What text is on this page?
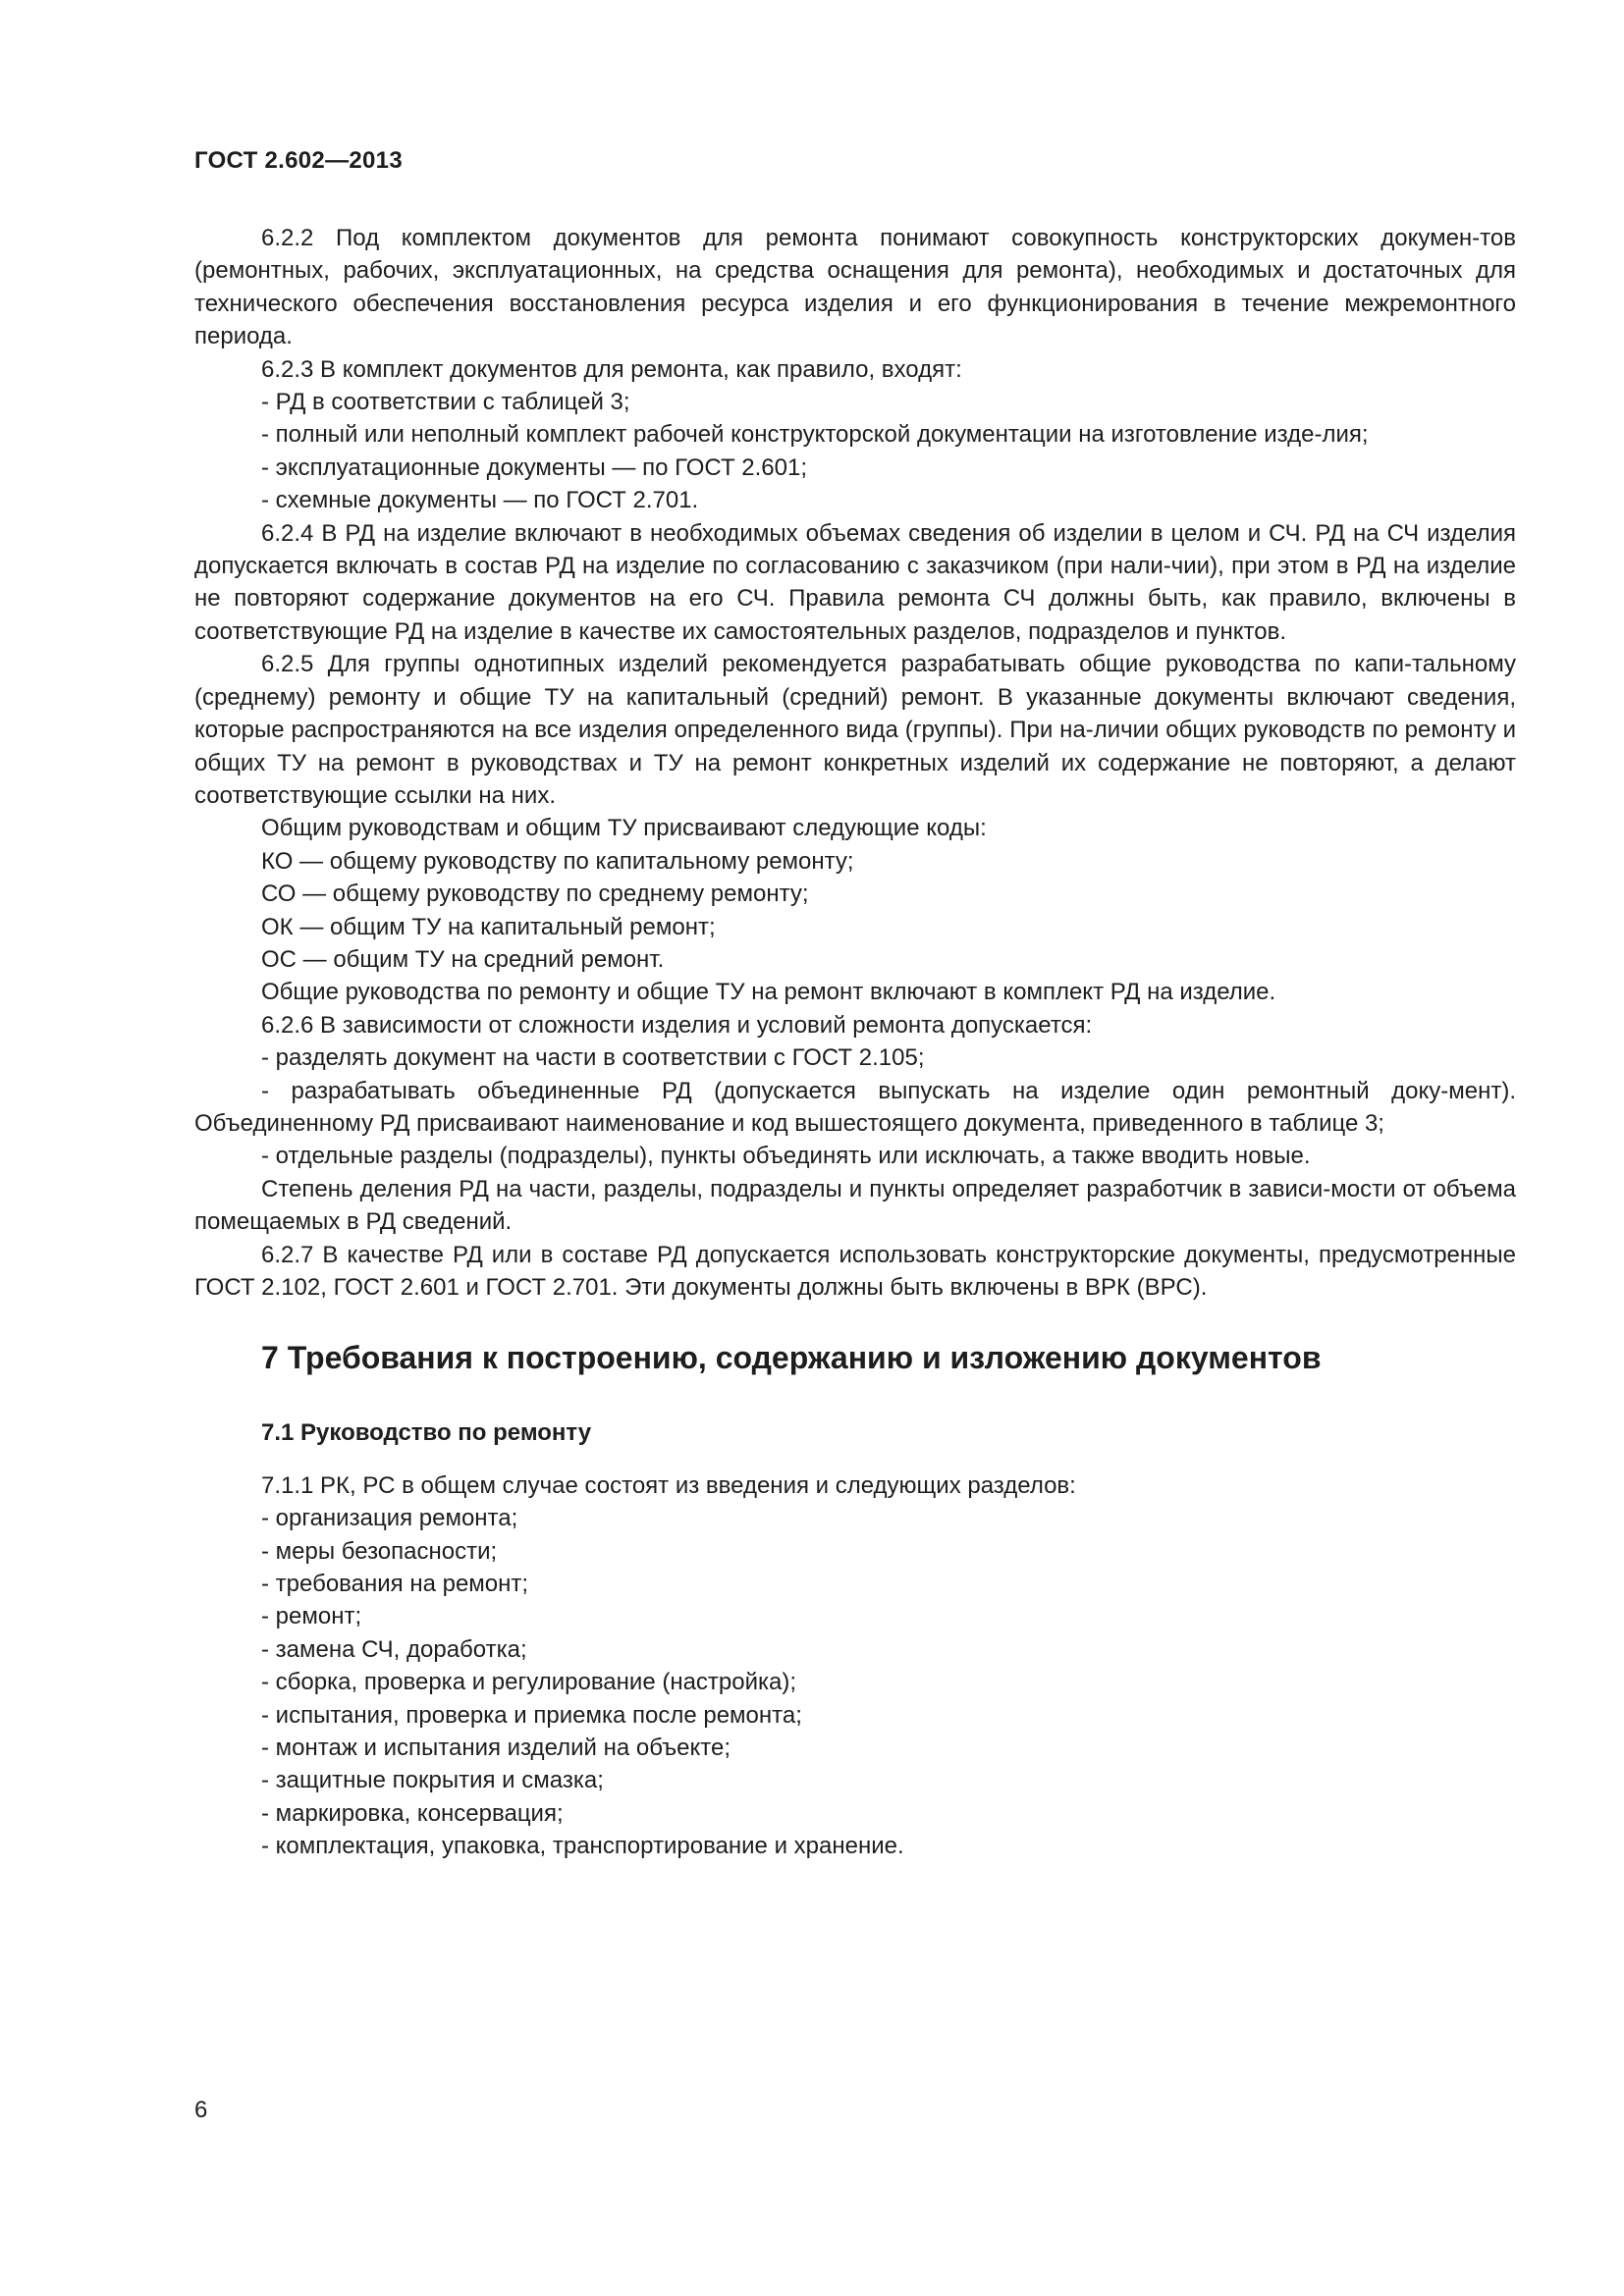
ГОСТ 2.602—2013

6.2.2 Под комплектом документов для ремонта понимают совокупность конструкторских докумен-тов (ремонтных, рабочих, эксплуатационных, на средства оснащения для ремонта), необходимых и достаточных для технического обеспечения восстановления ресурса изделия и его функционирования в течение межремонтного периода.

6.2.3 В комплект документов для ремонта, как правило, входят:

- РД в соответствии с таблицей 3;

- полный или неполный комплект рабочей конструкторской документации на изготовление изде-лия;

- эксплуатационные документы — по ГОСТ 2.601;

- схемные документы — по ГОСТ 2.701.

6.2.4 В РД на изделие включают в необходимых объемах сведения об изделии в целом и СЧ. РД на СЧ изделия допускается включать в состав РД на изделие по согласованию с заказчиком (при нали-чии), при этом в РД на изделие не повторяют содержание документов на его СЧ. Правила ремонта СЧ должны быть, как правило, включены в соответствующие РД на изделие в качестве их самостоятельных разделов, подразделов и пунктов.

6.2.5 Для группы однотипных изделий рекомендуется разрабатывать общие руководства по капи-тальному (среднему) ремонту и общие ТУ на капитальный (средний) ремонт. В указанные документы включают сведения, которые распространяются на все изделия определенного вида (группы). При на-личии общих руководств по ремонту и общих ТУ на ремонт в руководствах и ТУ на ремонт конкретных изделий их содержание не повторяют, а делают соответствующие ссылки на них.

Общим руководствам и общим ТУ присваивают следующие коды:

КО — общему руководству по капитальному ремонту;

СО — общему руководству по среднему ремонту;

ОК — общим ТУ на капитальный ремонт;

ОС — общим ТУ на средний ремонт.

Общие руководства по ремонту и общие ТУ на ремонт включают в комплект РД на изделие.

6.2.6 В зависимости от сложности изделия и условий ремонта допускается:

- разделять документ на части в соответствии с ГОСТ 2.105;

- разрабатывать объединенные РД (допускается выпускать на изделие один ремонтный доку-мент). Объединенному РД присваивают наименование и код вышестоящего документа, приведенного в таблице 3;

- отдельные разделы (подразделы), пункты объединять или исключать, а также вводить новые.

Степень деления РД на части, разделы, подразделы и пункты определяет разработчик в зависи-мости от объема помещаемых в РД сведений.

6.2.7 В качестве РД или в составе РД допускается использовать конструкторские документы, предусмотренные ГОСТ 2.102, ГОСТ 2.601 и ГОСТ 2.701. Эти документы должны быть включены в ВРК (ВРС).

7 Требования к построению, содержанию и изложению документов
7.1 Руководство по ремонту
7.1.1 РК, РС в общем случае состоят из введения и следующих разделов:
- организация ремонта;
- меры безопасности;
- требования на ремонт;
- ремонт;
- замена СЧ, доработка;
- сборка, проверка и регулирование (настройка);
- испытания, проверка и приемка после ремонта;
- монтаж и испытания изделий на объекте;
- защитные покрытия и смазка;
- маркировка, консервация;
- комплектация, упаковка, транспортирование и хранение.
6
